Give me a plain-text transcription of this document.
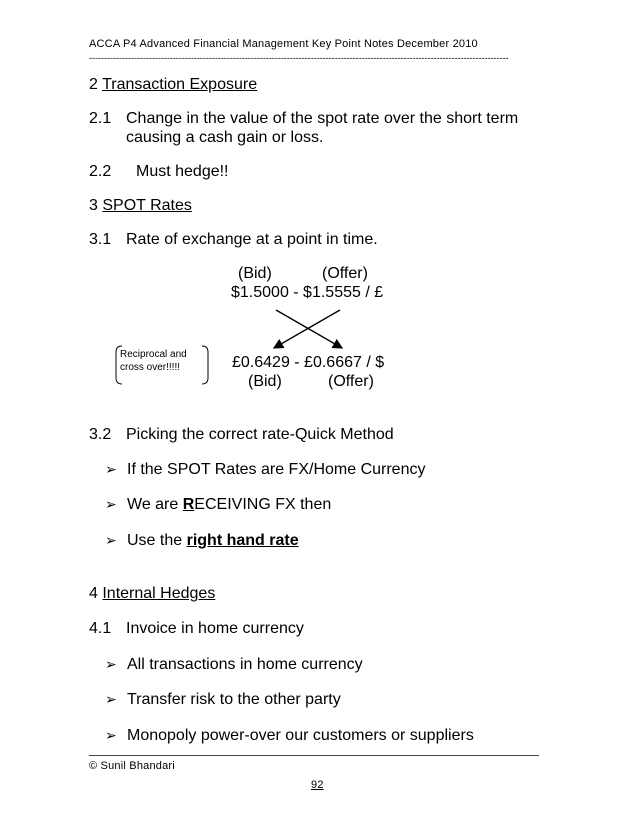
ACCA P4 Advanced Financial Management Key Point Notes December 2010
--------------------------------------------------------------------------------------------------------------------------------------------
2 Transaction Exposure
2.1 Change in the value of the spot rate over the short term
causing a cash gain or loss.
2.2 Must hedge!!
3 SPOT Rates
3.1 Rate of exchange at a point in time.
(Bid)	(Offer)
$1.5000 - $1.5555 / £
Reciprocal and
cross over!!!!!	£0.6429 - £0.6667 / $
(Bid)	(Offer)
3.2 Picking the correct rate-Quick Method
➢ If the SPOT Rates are FX/Home Currency
➢ We are RECEIVING FX then
➢ Use the right hand rate
4 Internal Hedges
4.1 Invoice in home currency
➢ All transactions in home currency
➢ Transfer risk to the other party
➢ Monopoly power-over our customers or suppliers
© Sunil Bhandari
92
